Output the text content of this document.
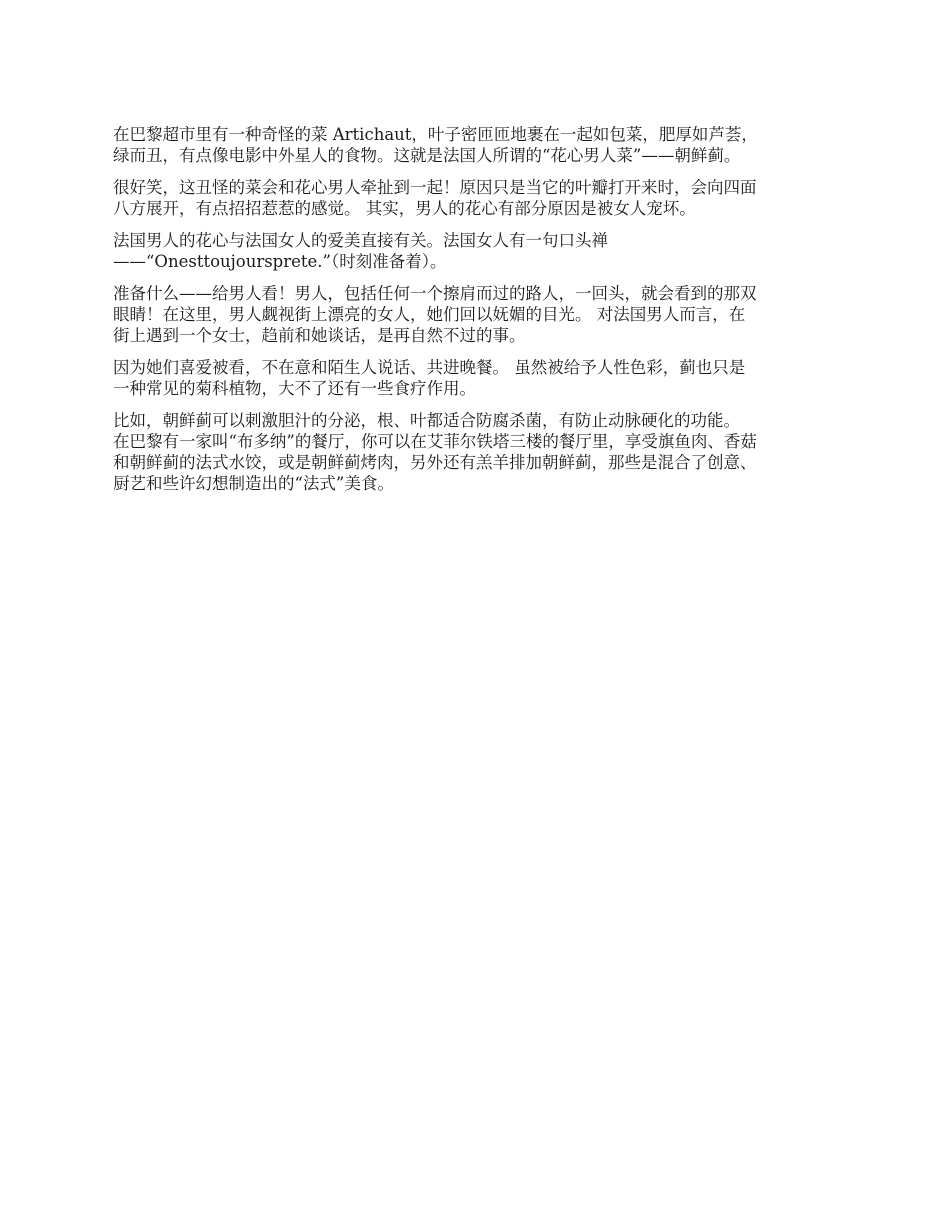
在巴黎超市里有一种奇怪的菜 Artichaut，叶子密匝匝地裹在一起如包菜，肥厚如芦荟，
绿而丑，有点像电影中外星人的食物。这就是法国人所谓的“花心男人菜”——朝鲜蓟。

很好笑，这丑怪的菜会和花心男人牵扯到一起！原因只是当它的叶瓣打开来时，会向四面
八方展开，有点招招惹惹的感觉。 其实，男人的花心有部分原因是被女人宠坏。

法国男人的花心与法国女人的爱美直接有关。法国女人有一句口头禅
——“Onesttoujoursprete.”（时刻准备着）。

准备什么——给男人看！男人，包括任何一个擦肩而过的路人，一回头，就会看到的那双
眼睛！在这里，男人觑视街上漂亮的女人，她们回以妩媚的目光。 对法国男人而言，在
街上遇到一个女士，趋前和她谈话，是再自然不过的事。

因为她们喜爱被看，不在意和陌生人说话、共进晚餐。 虽然被给予人性色彩，蓟也只是
一种常见的菊科植物，大不了还有一些食疗作用。

比如，朝鲜蓟可以刺激胆汁的分泌，根、叶都适合防腐杀菌，有防止动脉硬化的功能。
在巴黎有一家叫“布多纳”的餐厅，你可以在艾菲尔铁塔三楼的餐厅里，享受旗鱼肉、香菇
和朝鲜蓟的法式水饺，或是朝鲜蓟烤肉，另外还有羔羊排加朝鲜蓟，那些是混合了创意、
厨艺和些许幻想制造出的“法式”美食。
